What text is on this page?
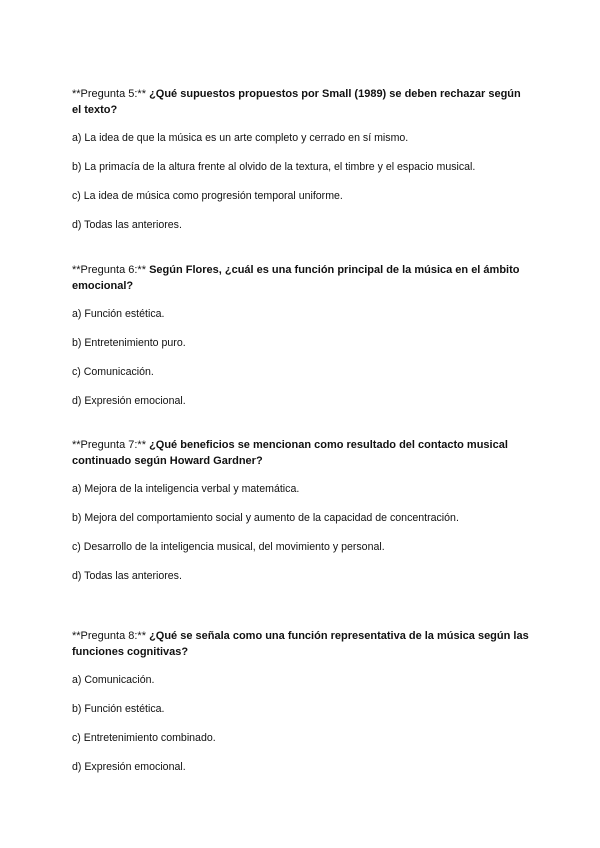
**Pregunta 5:** ¿Qué supuestos propuestos por Small (1989) se deben rechazar según el texto?

a) La idea de que la música es un arte completo y cerrado en sí mismo.

b) La primacía de la altura frente al olvido de la textura, el timbre y el espacio musical.

c) La idea de música como progresión temporal uniforme.

d) Todas las anteriores.

**Pregunta 6:** Según Flores, ¿cuál es una función principal de la música en el ámbito emocional?

a) Función estética.

b) Entretenimiento puro.

c) Comunicación.

d) Expresión emocional.

**Pregunta 7:** ¿Qué beneficios se mencionan como resultado del contacto musical continuado según Howard Gardner?

a) Mejora de la inteligencia verbal y matemática.

b) Mejora del comportamiento social y aumento de la capacidad de concentración.

c) Desarrollo de la inteligencia musical, del movimiento y personal.

d) Todas las anteriores.

**Pregunta 8:** ¿Qué se señala como una función representativa de la música según las funciones cognitivas?

a) Comunicación.

b) Función estética.

c) Entretenimiento combinado.

d) Expresión emocional.
